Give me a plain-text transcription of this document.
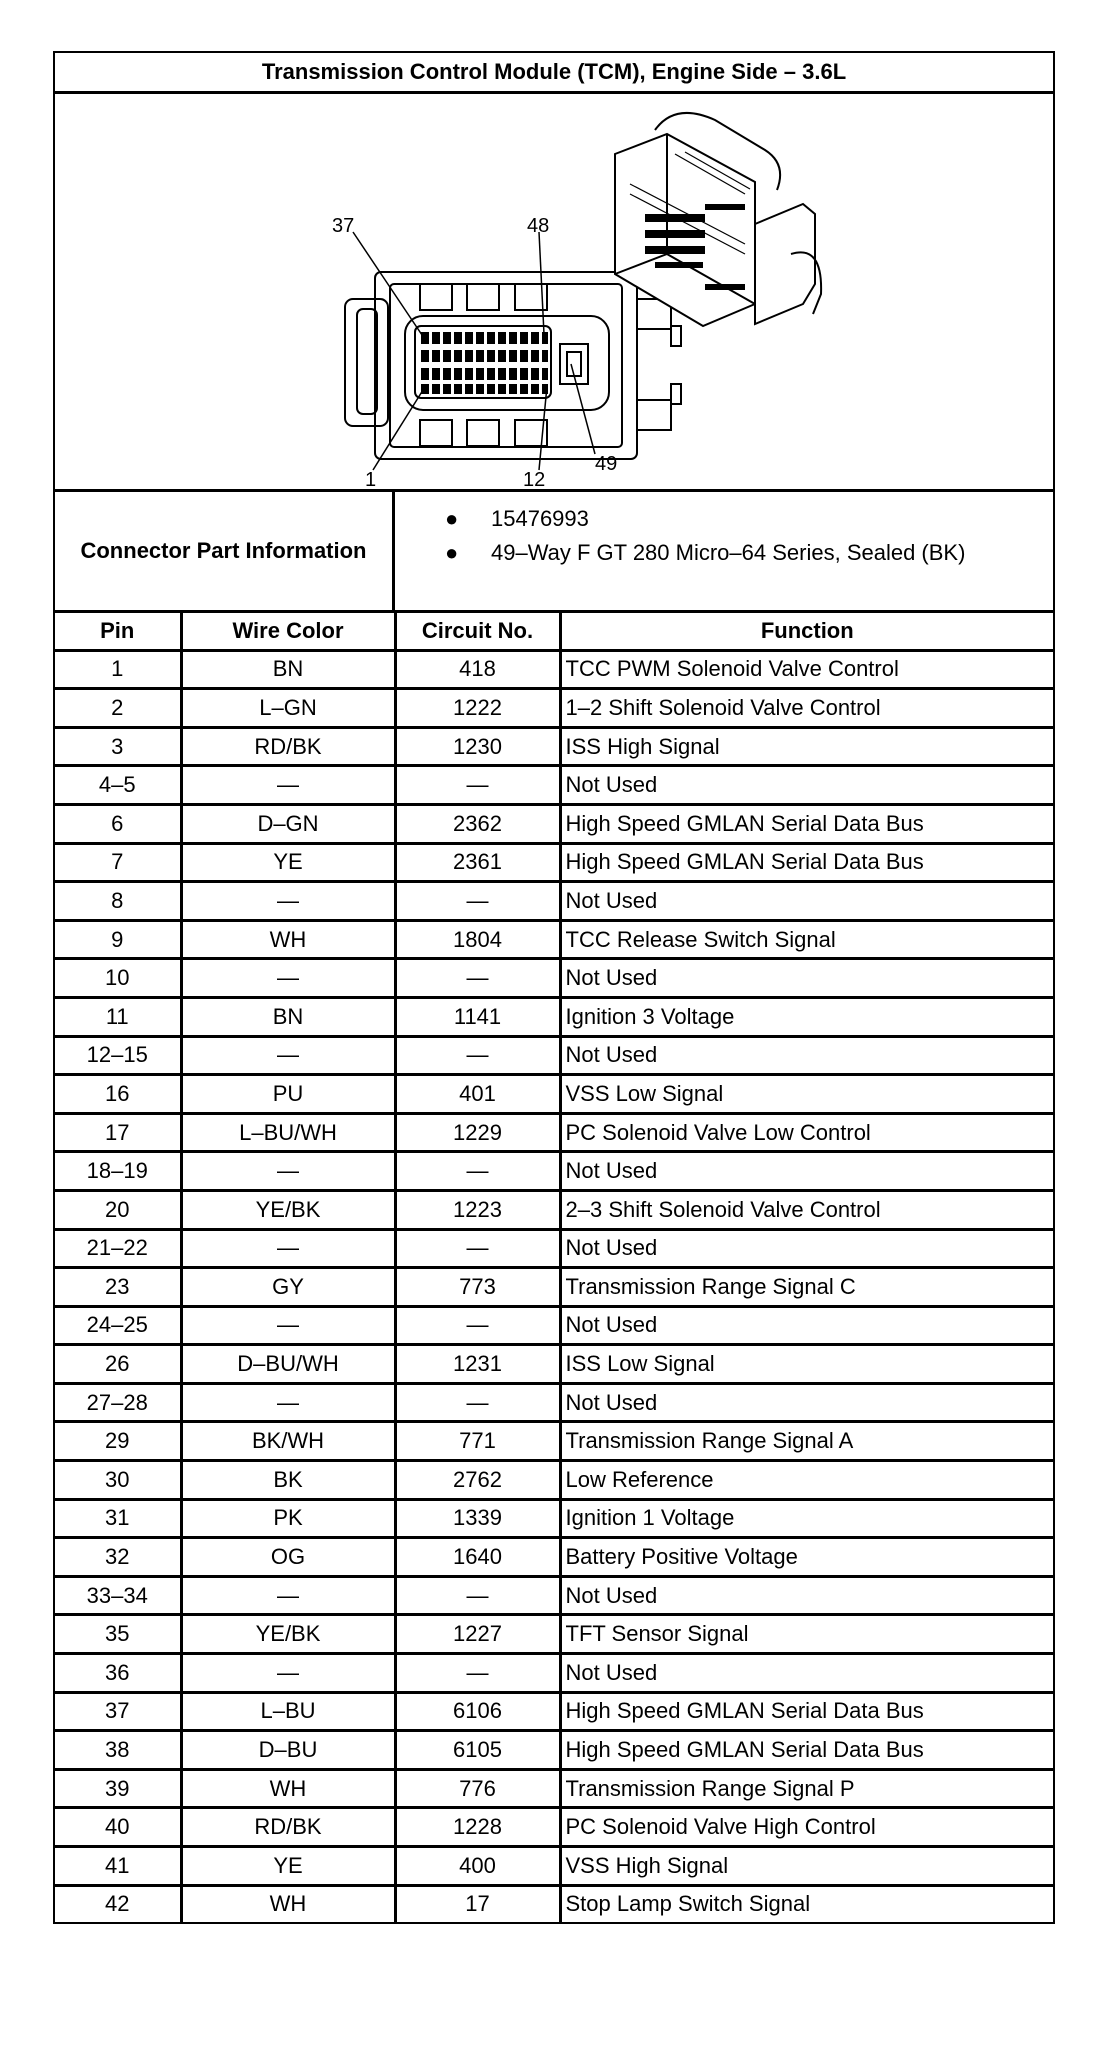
Transmission Control Module (TCM), Engine Side – 3.6L
37	48
1	12
49
Connector Part Information
● 15476993
● 49–Way F GT 280 Micro–64 Series, Sealed (BK)
Pin	Wire Color	Circuit No.	Function
1	BN	418	TCC PWM Solenoid Valve Control
2	L–GN	1222	1–2 Shift Solenoid Valve Control
3	RD/BK	1230	ISS High Signal
4–5	—	—	Not Used
6	D–GN	2362	High Speed GMLAN Serial Data Bus
7	YE	2361	High Speed GMLAN Serial Data Bus
8	—	—	Not Used
9	WH	1804	TCC Release Switch Signal
10	—	—	Not Used
11	BN	1141	Ignition 3 Voltage
12–15	—	—	Not Used
16	PU	401	VSS Low Signal
17	L–BU/WH	1229	PC Solenoid Valve Low Control
18–19	—	—	Not Used
20	YE/BK	1223	2–3 Shift Solenoid Valve Control
21–22	—	—	Not Used
23	GY	773	Transmission Range Signal C
24–25	—	—	Not Used
26	D–BU/WH	1231	ISS Low Signal
27–28	—	—	Not Used
29	BK/WH	771	Transmission Range Signal A
30	BK	2762	Low Reference
31	PK	1339	Ignition 1 Voltage
32	OG	1640	Battery Positive Voltage
33–34	—	—	Not Used
35	YE/BK	1227	TFT Sensor Signal
36	—	—	Not Used
37	L–BU	6106	High Speed GMLAN Serial Data Bus
38	D–BU	6105	High Speed GMLAN Serial Data Bus
39	WH	776	Transmission Range Signal P
40	RD/BK	1228	PC Solenoid Valve High Control
41	YE	400	VSS High Signal
42	WH	17	Stop Lamp Switch Signal
